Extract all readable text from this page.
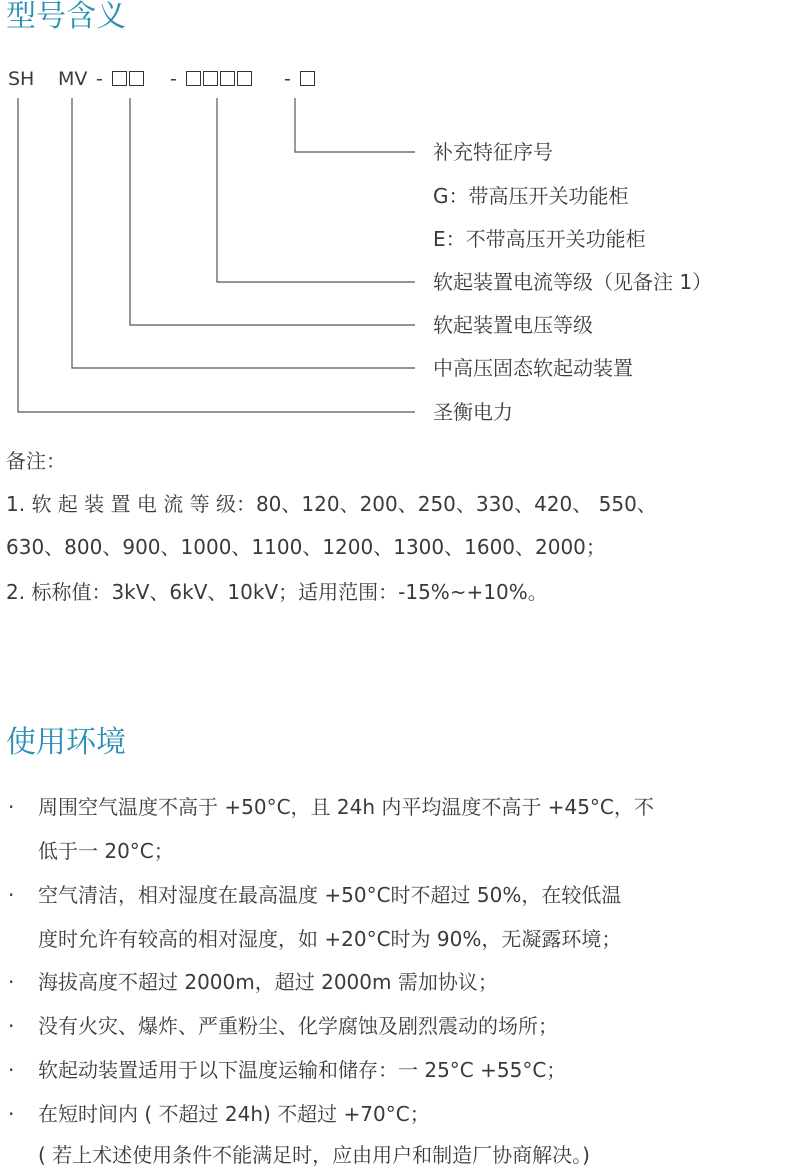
型号含义
SH MV -	-	-
补充特征序号
G：带高压开关功能柜
E：不带高压开关功能柜
软起装置电流等级（见备注 1）
软起装置电压等级
中高压固态软起动装置
圣衡电力
备注：
1. 软 起 装 置 电 流 等 级：80、120、200、250、330、420、 550、
630、800、900、1000、1100、1200、1300、1600、2000；
2. 标称值：3kV、6kV、10kV；适用范围：-15%~+10%。
使用环境
· 周围空气温度不高于 +50°C，且 24h 内平均温度不高于 +45°C，不
低于一 20°C；
· 空气清洁，相对湿度在最高温度 +50°C时不超过 50%，在较低温
度时允许有较高的相对湿度，如 +20°C时为 90%，无凝露环境；
· 海拔高度不超过 2000m，超过 2000m 需加协议；
· 没有火灾、爆炸、严重粉尘、化学腐蚀及剧烈震动的场所；
· 软起动装置适用于以下温度运输和储存：一 25°C +55°C；
· 在短时间内 ( 不超过 24h) 不超过 +70°C；
( 若上术述使用条件不能满足时，应由用户和制造厂协商解决。)
